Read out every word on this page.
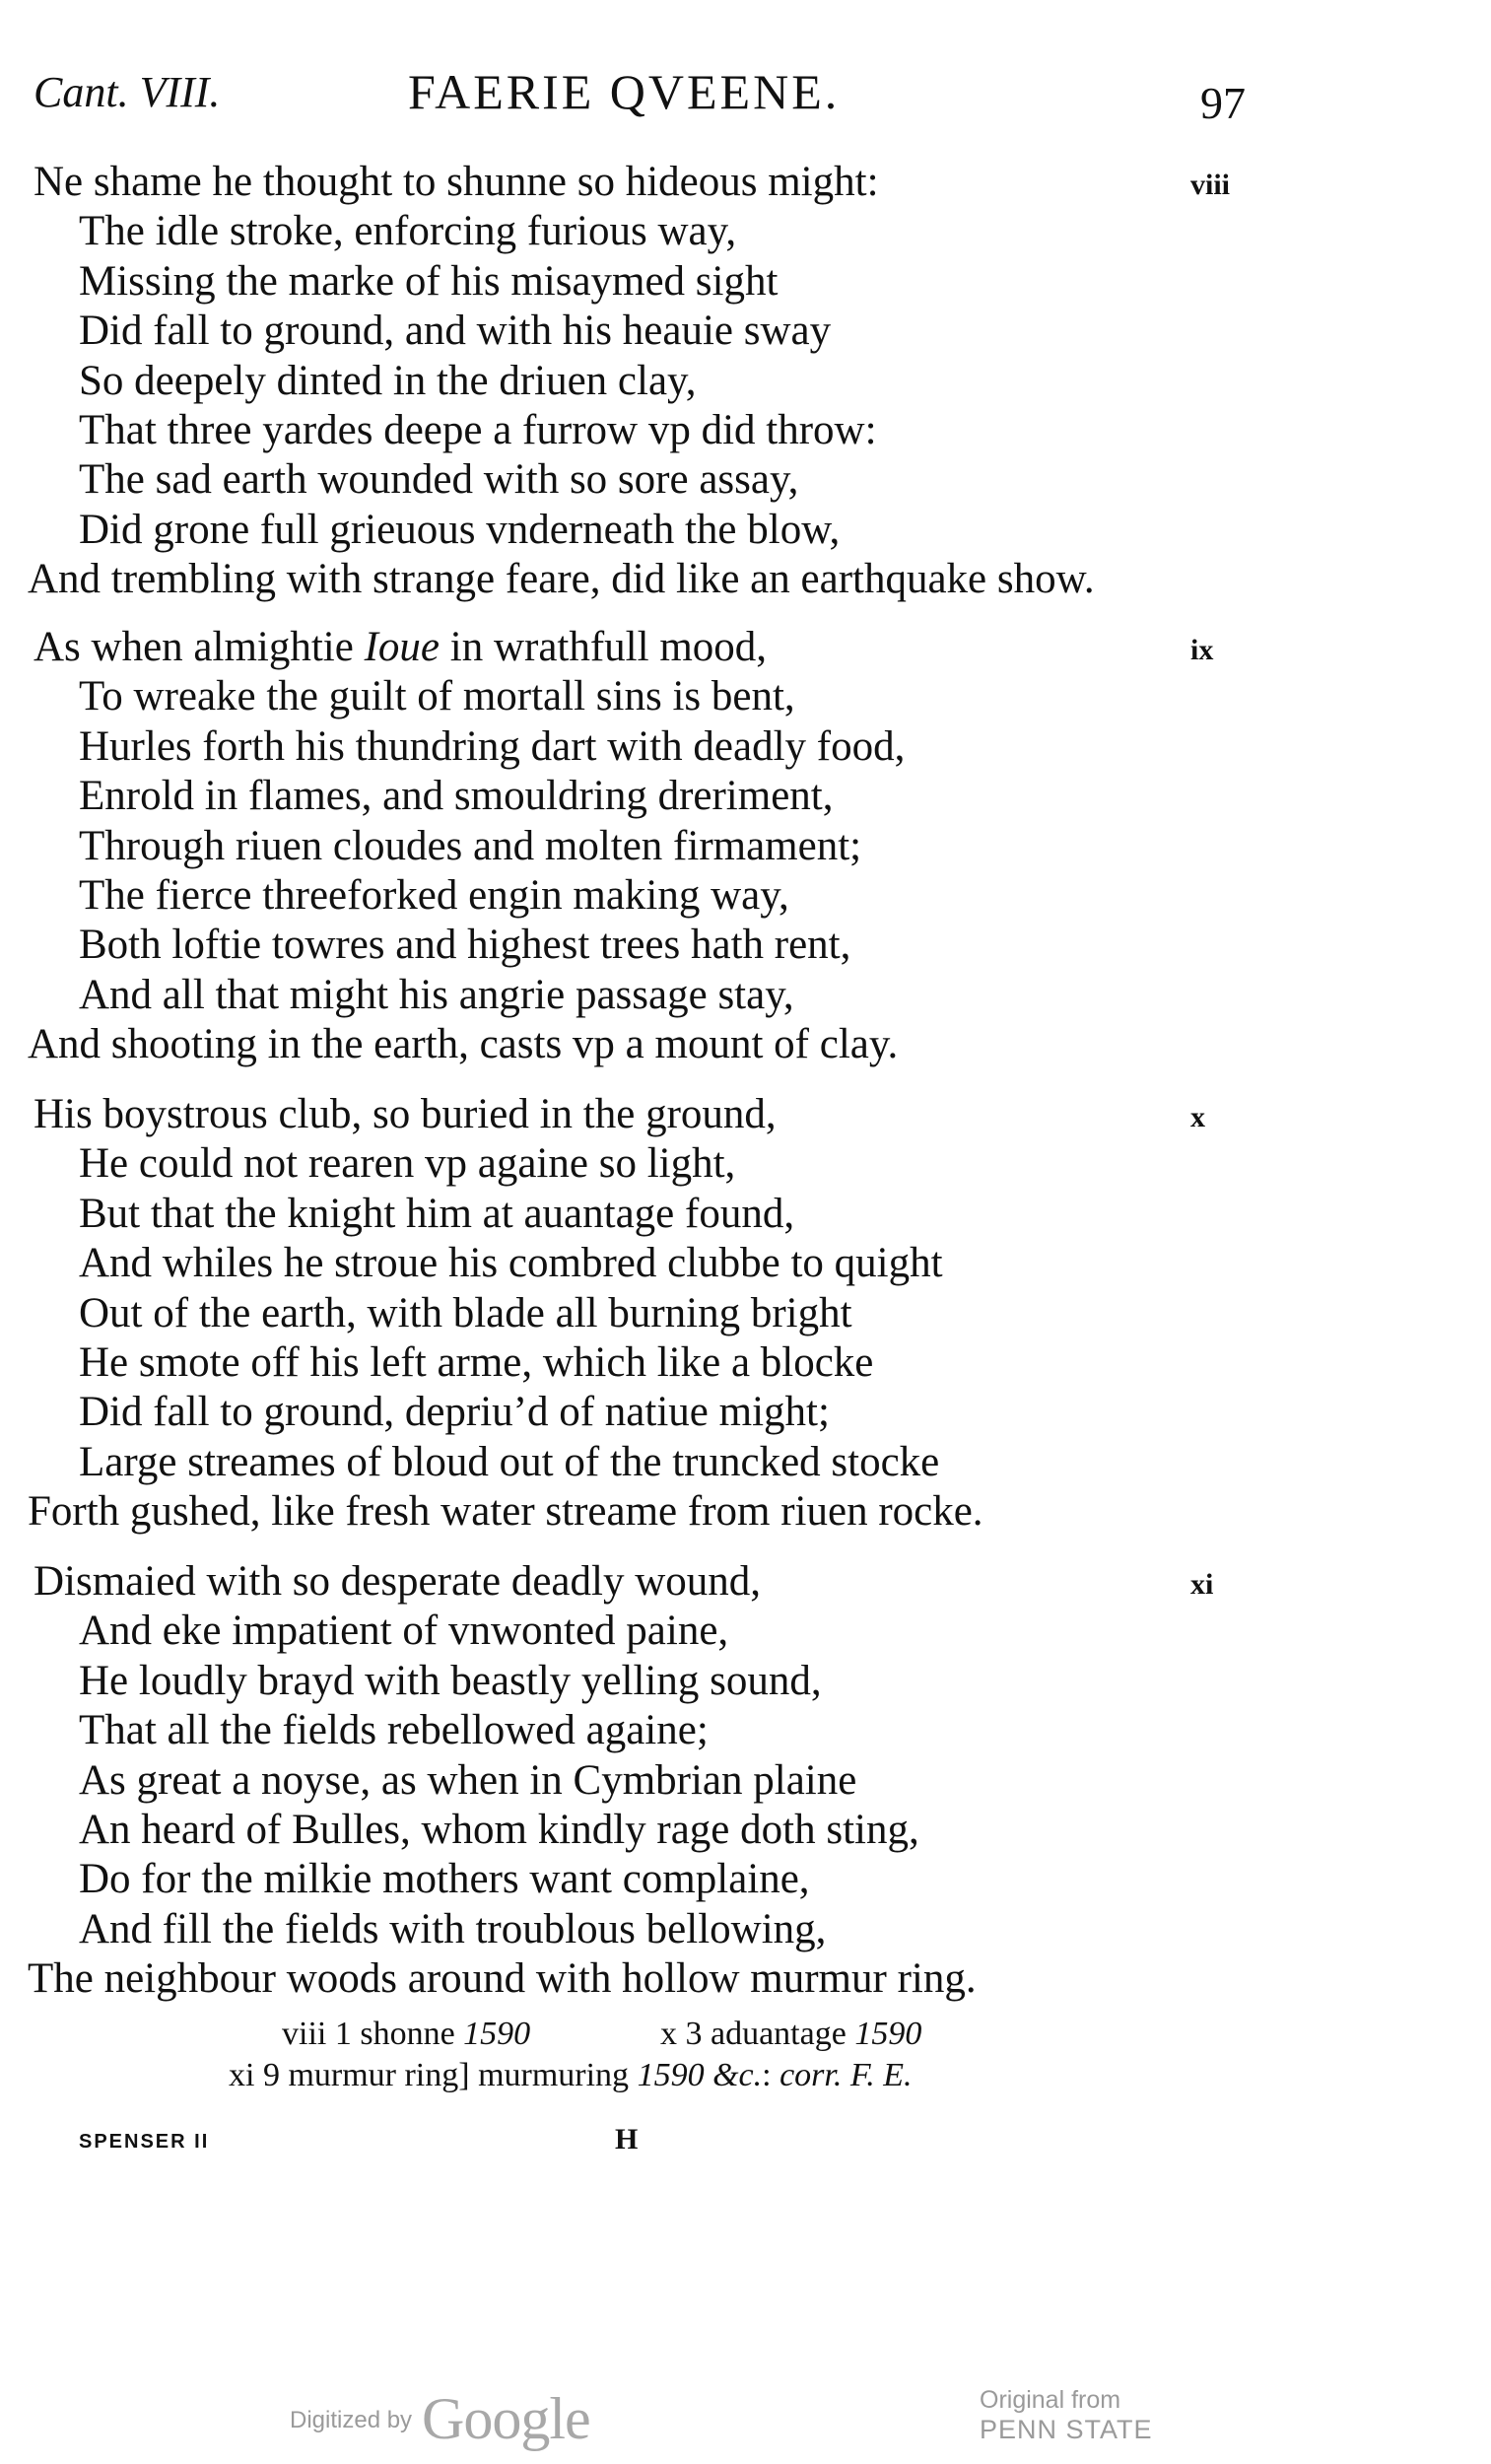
Cant. VIII.	FAERIE QVEENE.	97
viii
Ne shame he thought to shunne so hideous might:
The idle stroke, enforcing furious way,
Missing the marke of his misaymed sight
Did fall to ground, and with his heauie sway
So deepely dinted in the driuen clay,
That three yardes deepe a furrow vp did throw:
The sad earth wounded with so sore assay,
Did grone full grieuous vnderneath the blow,
And trembling with strange feare, did like an earthquake show.
ix
As when almightie Ioue in wrathfull mood,
To wreake the guilt of mortall sins is bent,
Hurles forth his thundring dart with deadly food,
Enrold in flames, and smouldring dreriment,
Through riuen cloudes and molten firmament;
The fierce threeforked engin making way,
Both loftie towres and highest trees hath rent,
And all that might his angrie passage stay,
And shooting in the earth, casts vp a mount of clay.
x
His boystrous club, so buried in the ground,
He could not rearen vp againe so light,
But that the knight him at auantage found,
And whiles he stroue his combred clubbe to quight
Out of the earth, with blade all burning bright
He smote off his left arme, which like a blocke
Did fall to ground, depriu’d of natiue might;
Large streames of bloud out of the truncked stocke
Forth gushed, like fresh water streame from riuen rocke.
xi
Dismaied with so desperate deadly wound,
And eke impatient of vnwonted paine,
He loudly brayd with beastly yelling sound,
That all the fields rebellowed againe;
As great a noyse, as when in Cymbrian plaine
An heard of Bulles, whom kindly rage doth sting,
Do for the milkie mothers want complaine,
And fill the fields with troublous bellowing,
The neighbour woods around with hollow murmur ring.
viii 1 shonne 1590	x 3 aduantage 1590
xi 9 murmur ring] murmuring 1590 &c.: corr. F. E.
SPENSER II	H
Digitized by Google	Original from
PENN STATE
